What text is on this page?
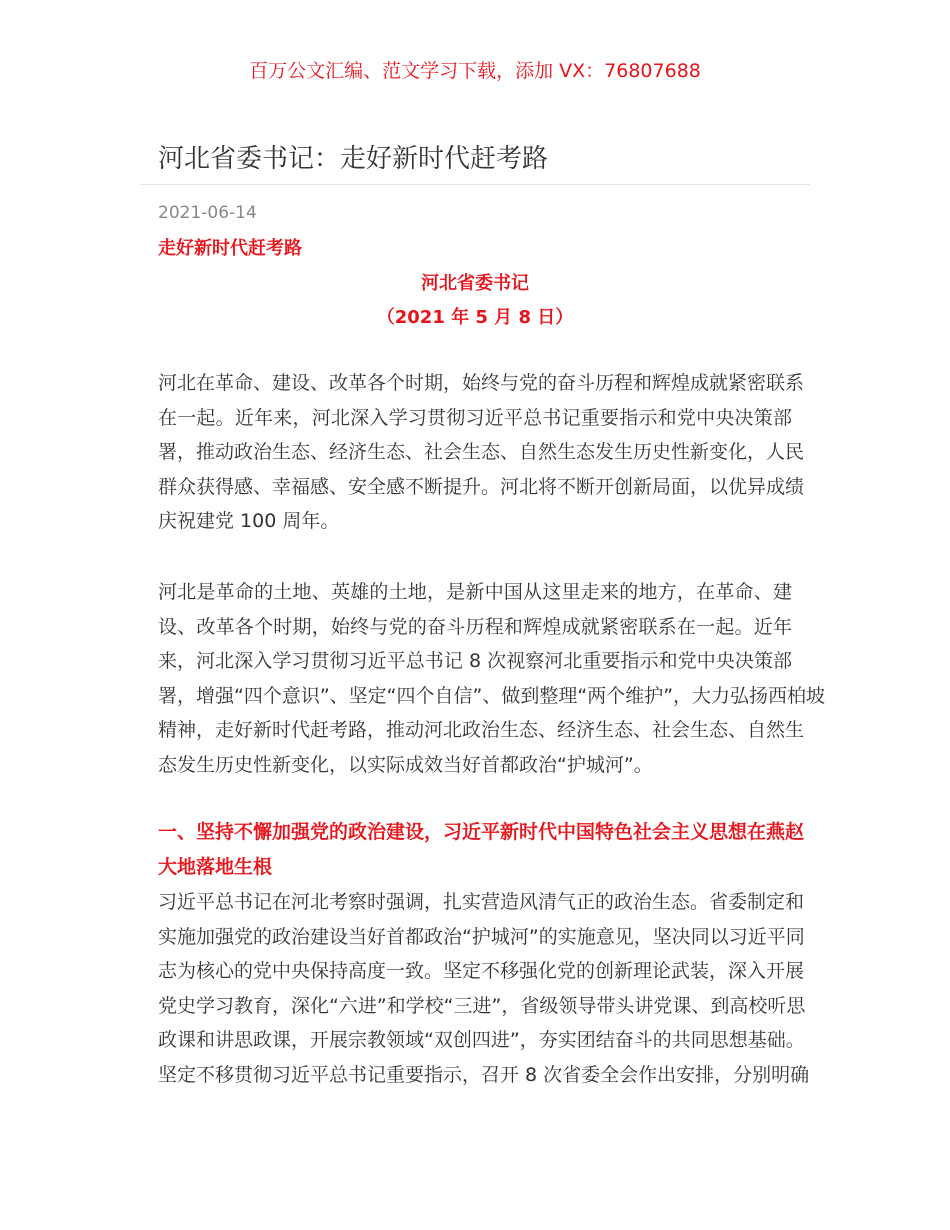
百万公文汇编、范文学习下载，添加 VX：76807688
河北省委书记：走好新时代赶考路
2021-06-14
走好新时代赶考路
河北省委书记
（2021 年 5 月 8 日）
河北在革命、建设、改革各个时期，始终与党的奋斗历程和辉煌成就紧密联系
在一起。近年来，河北深入学习贯彻习近平总书记重要指示和党中央决策部
署，推动政治生态、经济生态、社会生态、自然生态发生历史性新变化，人民
群众获得感、幸福感、安全感不断提升。河北将不断开创新局面，以优异成绩
庆祝建党 100 周年。
河北是革命的土地、英雄的土地，是新中国从这里走来的地方，在革命、建
设、改革各个时期，始终与党的奋斗历程和辉煌成就紧密联系在一起。近年
来，河北深入学习贯彻习近平总书记 8 次视察河北重要指示和党中央决策部
署，增强“四个意识”、坚定“四个自信”、做到整理“两个维护”，大力弘扬西柏坡
精神，走好新时代赶考路，推动河北政治生态、经济生态、社会生态、自然生
态发生历史性新变化，以实际成效当好首都政治“护城河”。
一、坚持不懈加强党的政治建设，习近平新时代中国特色社会主义思想在燕赵
大地落地生根
习近平总书记在河北考察时强调，扎实营造风清气正的政治生态。省委制定和
实施加强党的政治建设当好首都政治“护城河”的实施意见，坚决同以习近平同
志为核心的党中央保持高度一致。坚定不移强化党的创新理论武装，深入开展
党史学习教育，深化“六进”和学校“三进”，省级领导带头讲党课、到高校听思
政课和讲思政课，开展宗教领域“双创四进”，夯实团结奋斗的共同思想基础。
坚定不移贯彻习近平总书记重要指示，召开 8 次省委全会作出安排，分别明确
